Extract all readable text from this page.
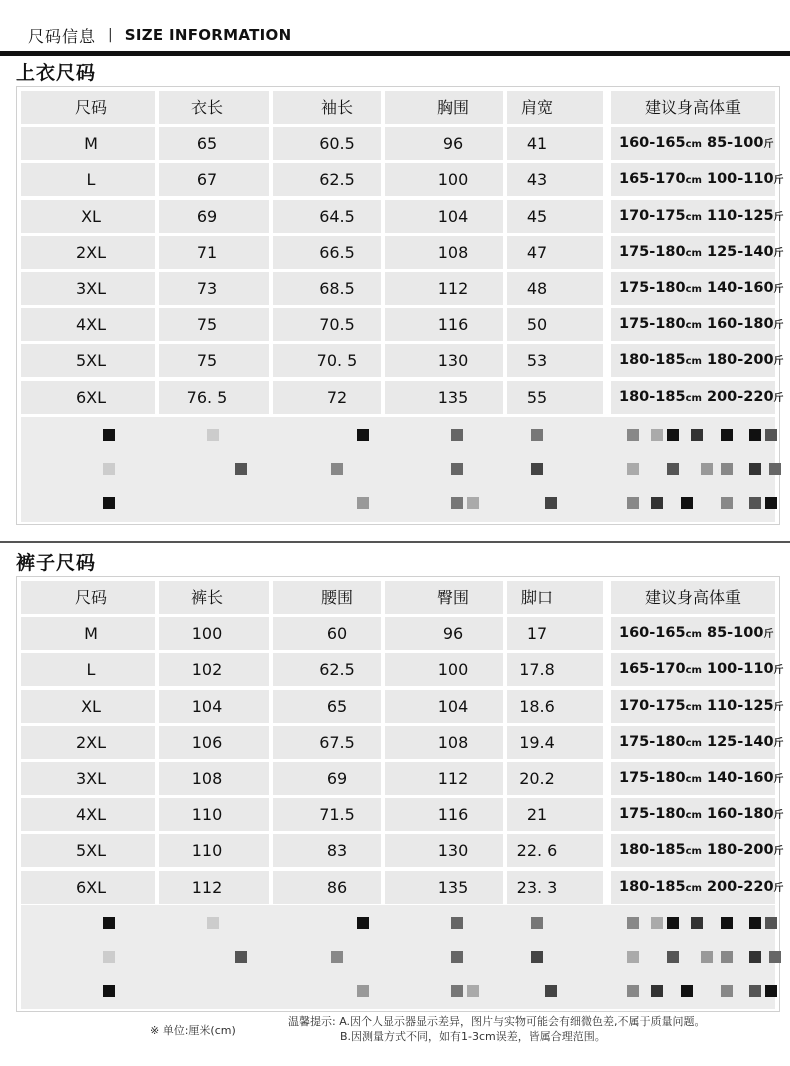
尺码信息 | SIZE INFORMATION
上衣尺码
尺码	衣长	袖长	胸围	肩宽	建议身高体重
M	65	60.5	96	41	160-165cm 85-100斤
L	67	62.5	100	43	165-170cm 100-110斤
XL	69	64.5	104	45	170-175cm 110-125斤
2XL	71	66.5	108	47	175-180cm 125-140斤
3XL	73	68.5	112	48	175-180cm 140-160斤
4XL	75	70.5	116	50	175-180cm 160-180斤
5XL	75	70. 5	130	53	180-185cm 180-200斤
6XL	76. 5	72	135	55	180-185cm 200-220斤
裤子尺码
尺码	裤长	腰围	臀围	脚口	建议身高体重
M	100	60	96	17	160-165cm 85-100斤
L	102	62.5	100	17.8	165-170cm 100-110斤
XL	104	65	104	18.6	170-175cm 110-125斤
2XL	106	67.5	108	19.4	175-180cm 125-140斤
3XL	108	69	112	20.2	175-180cm 140-160斤
4XL	110	71.5	116	21	175-180cm 160-180斤
5XL	110	83	130	22. 6	180-185cm 180-200斤
6XL	112	86	135	23. 3	180-185cm 200-220斤
※ 单位:厘米(cm)
温馨提示: A.因个人显示器显示差异，图片与实物可能会有细微色差,不属于质量问题。
B.因测量方式不同，如有1-3cm误差，皆属合理范围。
